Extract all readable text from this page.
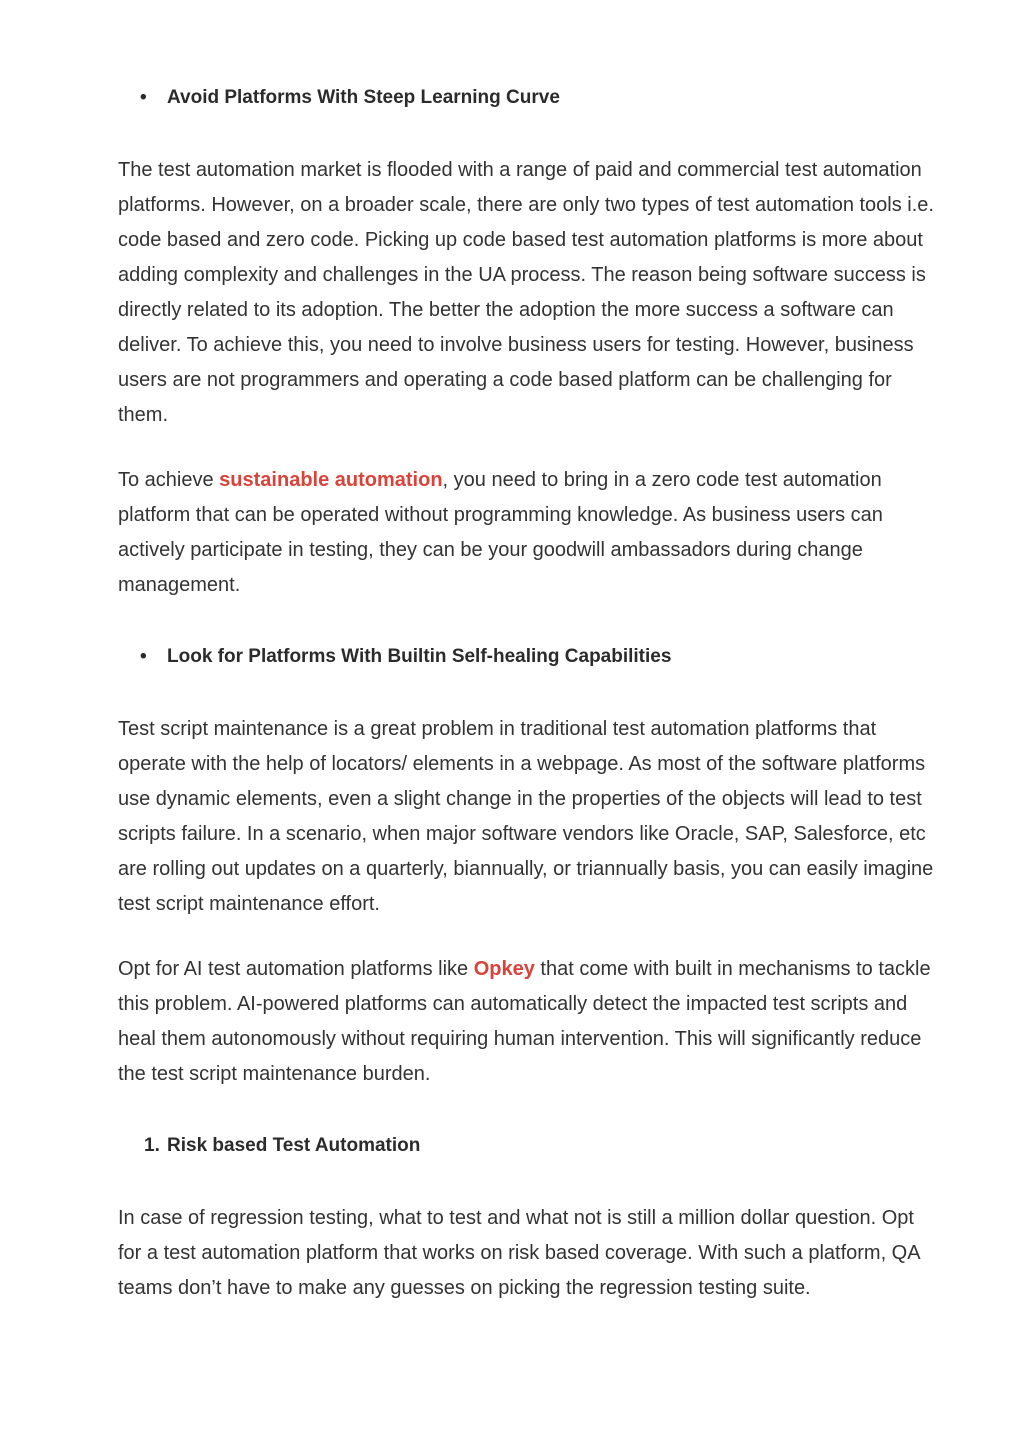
•	Avoid Platforms With Steep Learning Curve

The test automation market is flooded with a range of paid and commercial test automation platforms. However, on a broader scale, there are only two types of test automation tools i.e. code based and zero code. Picking up code based test automation platforms is more about adding complexity and challenges in the UA process. The reason being software success is directly related to its adoption. The better the adoption the more success a software can deliver. To achieve this, you need to involve business users for testing. However, business users are not programmers and operating a code based platform can be challenging for them.

To achieve sustainable automation, you need to bring in a zero code test automation platform that can be operated without programming knowledge. As business users can actively participate in testing, they can be your goodwill ambassadors during change management.

•	Look for Platforms With Builtin Self-healing Capabilities

Test script maintenance is a great problem in traditional test automation platforms that operate with the help of locators/ elements in a webpage. As most of the software platforms use dynamic elements, even a slight change in the properties of the objects will lead to test scripts failure. In a scenario, when major software vendors like Oracle, SAP, Salesforce, etc are rolling out updates on a quarterly, biannually, or triannually basis, you can easily imagine test script maintenance effort.

Opt for AI test automation platforms like Opkey that come with built in mechanisms to tackle this problem. AI-powered platforms can automatically detect the impacted test scripts and heal them autonomously without requiring human intervention. This will significantly reduce the test script maintenance burden.

1. Risk based Test Automation

In case of regression testing, what to test and what not is still a million dollar question. Opt for a test automation platform that works on risk based coverage. With such a platform, QA teams don’t have to make any guesses on picking the regression testing suite.
